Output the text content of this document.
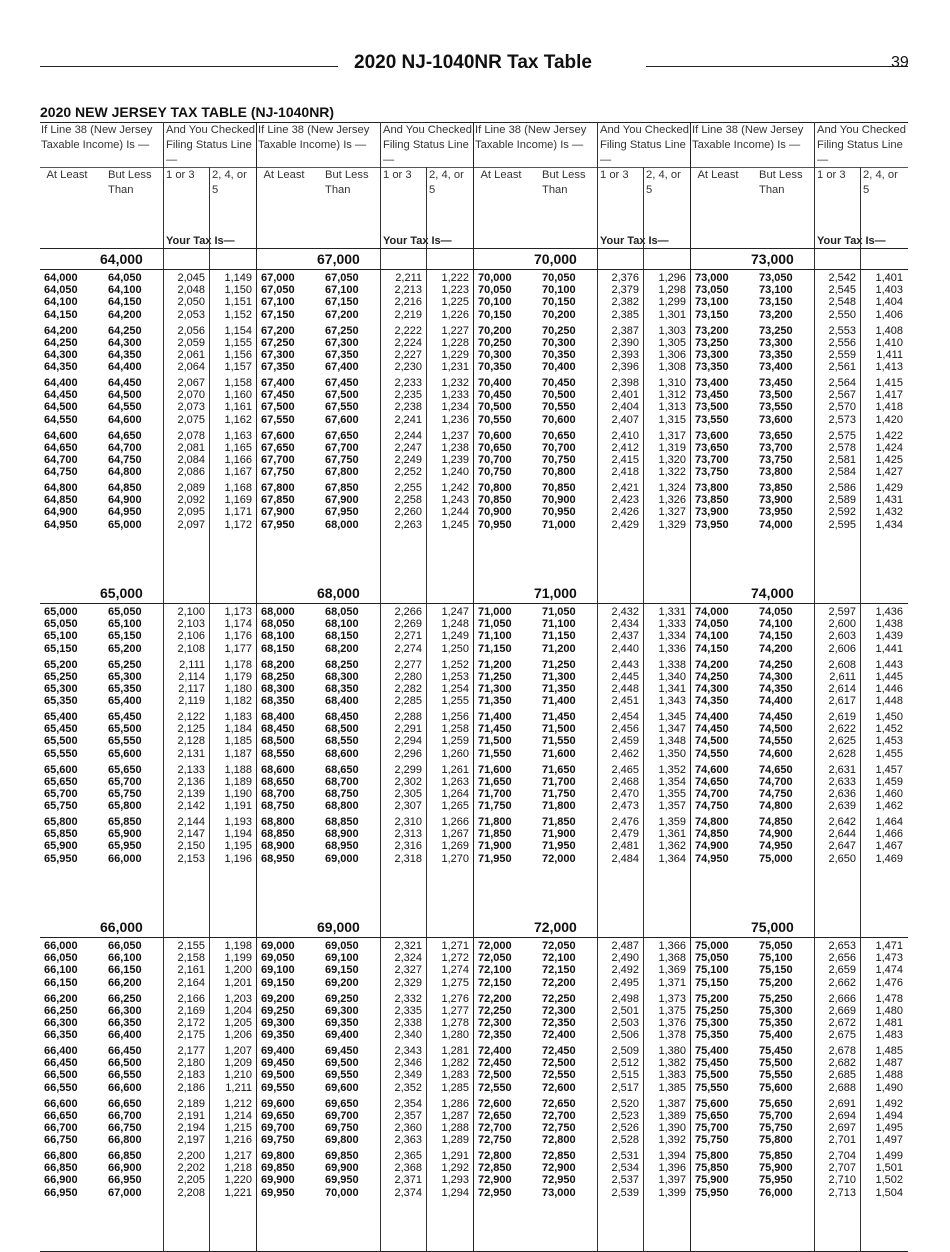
2020 NJ-1040NR Tax Table	39
2020 NEW JERSEY TAX TABLE (NJ-1040NR)
If Line 38 (New Jersey Taxable Income) Is —
And You Checked Filing Status Line —
At Least	But Less Than
1 or 3 2, 4, or 5
Your Tax Is—
64,000
64,000	64,050	2,045 1,149
64,050	64,100	2,048 1,150
64,100	64,150	2,050 1,151
64,150	64,200	2,053 1,152
64,200	64,250	2,056 1,154
64,250	64,300	2,059 1,155
64,300	64,350	2,061 1,156
64,350	64,400	2,064 1,157
64,400	64,450	2,067 1,158
64,450	64,500	2,070 1,160
64,500	64,550	2,073 1,161
64,550	64,600	2,075 1,162
64,600	64,650	2,078 1,163
64,650	64,700	2,081 1,165
64,700	64,750	2,084 1,166
64,750	64,800	2,086 1,167
64,800	64,850	2,089 1,168
64,850	64,900	2,092 1,169
64,900	64,950	2,095 1,171
64,950	65,000	2,097 1,172
65,000
65,000	65,050	2,100 1,173
65,050	65,100	2,103 1,174
65,100	65,150	2,106 1,176
65,150	65,200	2,108 1,177
65,200	65,250	2,111 1,178
65,250	65,300	2,114 1,179
65,300	65,350	2,117 1,180
65,350	65,400	2,119 1,182
65,400	65,450	2,122 1,183
65,450	65,500	2,125 1,184
65,500	65,550	2,128 1,185
65,550	65,600	2,131 1,187
65,600	65,650	2,133 1,188
65,650	65,700	2,136 1,189
65,700	65,750	2,139 1,190
65,750	65,800	2,142 1,191
65,800	65,850	2,144 1,193
65,850	65,900	2,147 1,194
65,900	65,950	2,150 1,195
65,950	66,000	2,153 1,196
66,000
66,000	66,050	2,155 1,198
66,050	66,100	2,158 1,199
66,100	66,150	2,161 1,200
66,150	66,200	2,164 1,201
66,200	66,250	2,166 1,203
66,250	66,300	2,169 1,204
66,300	66,350	2,172 1,205
66,350	66,400	2,175 1,206
66,400	66,450	2,177 1,207
66,450	66,500	2,180 1,209
66,500	66,550	2,183 1,210
66,550	66,600	2,186 1,211
66,600	66,650	2,189 1,212
66,650	66,700	2,191 1,214
66,700	66,750	2,194 1,215
66,750	66,800	2,197 1,216
66,800	66,850	2,200 1,217
66,850	66,900	2,202 1,218
66,900	66,950	2,205 1,220
66,950	67,000	2,208 1,221
If Line 38 (New Jersey Taxable Income) Is —
And You Checked Filing Status Line —
At Least	But Less Than
1 or 3 2, 4, or 5
Your Tax Is—
67,000
67,000	67,050	2,211 1,222
67,050	67,100	2,213 1,223
67,100	67,150	2,216 1,225
67,150	67,200	2,219 1,226
67,200	67,250	2,222 1,227
67,250	67,300	2,224 1,228
67,300	67,350	2,227 1,229
67,350	67,400	2,230 1,231
67,400	67,450	2,233 1,232
67,450	67,500	2,235 1,233
67,500	67,550	2,238 1,234
67,550	67,600	2,241 1,236
67,600	67,650	2,244 1,237
67,650	67,700	2,247 1,238
67,700	67,750	2,249 1,239
67,750	67,800	2,252 1,240
67,800	67,850	2,255 1,242
67,850	67,900	2,258 1,243
67,900	67,950	2,260 1,244
67,950	68,000	2,263 1,245
68,000
68,000	68,050	2,266 1,247
68,050	68,100	2,269 1,248
68,100	68,150	2,271 1,249
68,150	68,200	2,274 1,250
68,200	68,250	2,277 1,252
68,250	68,300	2,280 1,253
68,300	68,350	2,282 1,254
68,350	68,400	2,285 1,255
68,400	68,450	2,288 1,256
68,450	68,500	2,291 1,258
68,500	68,550	2,294 1,259
68,550	68,600	2,296 1,260
68,600	68,650	2,299 1,261
68,650	68,700	2,302 1,263
68,700	68,750	2,305 1,264
68,750	68,800	2,307 1,265
68,800	68,850	2,310 1,266
68,850	68,900	2,313 1,267
68,900	68,950	2,316 1,269
68,950	69,000	2,318 1,270
69,000
69,000	69,050	2,321 1,271
69,050	69,100	2,324 1,272
69,100	69,150	2,327 1,274
69,150	69,200	2,329 1,275
69,200	69,250	2,332 1,276
69,250	69,300	2,335 1,277
69,300	69,350	2,338 1,278
69,350	69,400	2,340 1,280
69,400	69,450	2,343 1,281
69,450	69,500	2,346 1,282
69,500	69,550	2,349 1,283
69,550	69,600	2,352 1,285
69,600	69,650	2,354 1,286
69,650	69,700	2,357 1,287
69,700	69,750	2,360 1,288
69,750	69,800	2,363 1,289
69,800	69,850	2,365 1,291
69,850	69,900	2,368 1,292
69,900	69,950	2,371 1,293
69,950	70,000	2,374 1,294
If Line 38 (New Jersey Taxable Income) Is —
And You Checked Filing Status Line —
At Least	But Less Than
1 or 3 2, 4, or 5
Your Tax Is—
70,000
70,000	70,050	2,376 1,296
70,050	70,100	2,379 1,298
70,100	70,150	2,382 1,299
70,150	70,200	2,385 1,301
70,200	70,250	2,387 1,303
70,250	70,300	2,390 1,305
70,300	70,350	2,393 1,306
70,350	70,400	2,396 1,308
70,400	70,450	2,398 1,310
70,450	70,500	2,401 1,312
70,500	70,550	2,404 1,313
70,550	70,600	2,407 1,315
70,600	70,650	2,410 1,317
70,650	70,700	2,412 1,319
70,700	70,750	2,415 1,320
70,750	70,800	2,418 1,322
70,800	70,850	2,421 1,324
70,850	70,900	2,423 1,326
70,900	70,950	2,426 1,327
70,950	71,000	2,429 1,329
71,000
71,000	71,050	2,432 1,331
71,050	71,100	2,434 1,333
71,100	71,150	2,437 1,334
71,150	71,200	2,440 1,336
71,200	71,250	2,443 1,338
71,250	71,300	2,445 1,340
71,300	71,350	2,448 1,341
71,350	71,400	2,451 1,343
71,400	71,450	2,454 1,345
71,450	71,500	2,456 1,347
71,500	71,550	2,459 1,348
71,550	71,600	2,462 1,350
71,600	71,650	2,465 1,352
71,650	71,700	2,468 1,354
71,700	71,750	2,470 1,355
71,750	71,800	2,473 1,357
71,800	71,850	2,476 1,359
71,850	71,900	2,479 1,361
71,900	71,950	2,481 1,362
71,950	72,000	2,484 1,364
72,000
72,000	72,050	2,487 1,366
72,050	72,100	2,490 1,368
72,100	72,150	2,492 1,369
72,150	72,200	2,495 1,371
72,200	72,250	2,498 1,373
72,250	72,300	2,501 1,375
72,300	72,350	2,503 1,376
72,350	72,400	2,506 1,378
72,400	72,450	2,509 1,380
72,450	72,500	2,512 1,382
72,500	72,550	2,515 1,383
72,550	72,600	2,517 1,385
72,600	72,650	2,520 1,387
72,650	72,700	2,523 1,389
72,700	72,750	2,526 1,390
72,750	72,800	2,528 1,392
72,800	72,850	2,531 1,394
72,850	72,900	2,534 1,396
72,900	72,950	2,537 1,397
72,950	73,000	2,539 1,399
If Line 38 (New Jersey Taxable Income) Is —
And You Checked Filing Status Line —
At Least	But Less Than
1 or 3 2, 4, or 5
Your Tax Is—
73,000
73,000	73,050	2,542 1,401
73,050	73,100	2,545 1,403
73,100	73,150	2,548 1,404
73,150	73,200	2,550 1,406
73,200	73,250	2,553 1,408
73,250	73,300	2,556 1,410
73,300	73,350	2,559 1,411
73,350	73,400	2,561 1,413
73,400	73,450	2,564 1,415
73,450	73,500	2,567 1,417
73,500	73,550	2,570 1,418
73,550	73,600	2,573 1,420
73,600	73,650	2,575 1,422
73,650	73,700	2,578 1,424
73,700	73,750	2,581 1,425
73,750	73,800	2,584 1,427
73,800	73,850	2,586 1,429
73,850	73,900	2,589 1,431
73,900	73,950	2,592 1,432
73,950	74,000	2,595 1,434
74,000
74,000	74,050	2,597 1,436
74,050	74,100	2,600 1,438
74,100	74,150	2,603 1,439
74,150	74,200	2,606 1,441
74,200	74,250	2,608 1,443
74,250	74,300	2,611 1,445
74,300	74,350	2,614 1,446
74,350	74,400	2,617 1,448
74,400	74,450	2,619 1,450
74,450	74,500	2,622 1,452
74,500	74,550	2,625 1,453
74,550	74,600	2,628 1,455
74,600	74,650	2,631 1,457
74,650	74,700	2,633 1,459
74,700	74,750	2,636 1,460
74,750	74,800	2,639 1,462
74,800	74,850	2,642 1,464
74,850	74,900	2,644 1,466
74,900	74,950	2,647 1,467
74,950	75,000	2,650 1,469
75,000
75,000	75,050	2,653 1,471
75,050	75,100	2,656 1,473
75,100	75,150	2,659 1,474
75,150	75,200	2,662 1,476
75,200	75,250	2,666 1,478
75,250	75,300	2,669 1,480
75,300	75,350	2,672 1,481
75,350	75,400	2,675 1,483
75,400	75,450	2,678 1,485
75,450	75,500	2,682 1,487
75,500	75,550	2,685 1,488
75,550	75,600	2,688 1,490
75,600	75,650	2,691 1,492
75,650	75,700	2,694 1,494
75,700	75,750	2,697 1,495
75,750	75,800	2,701 1,497
75,800	75,850	2,704 1,499
75,850	75,900	2,707 1,501
75,900	75,950	2,710 1,502
75,950	76,000	2,713 1,504
